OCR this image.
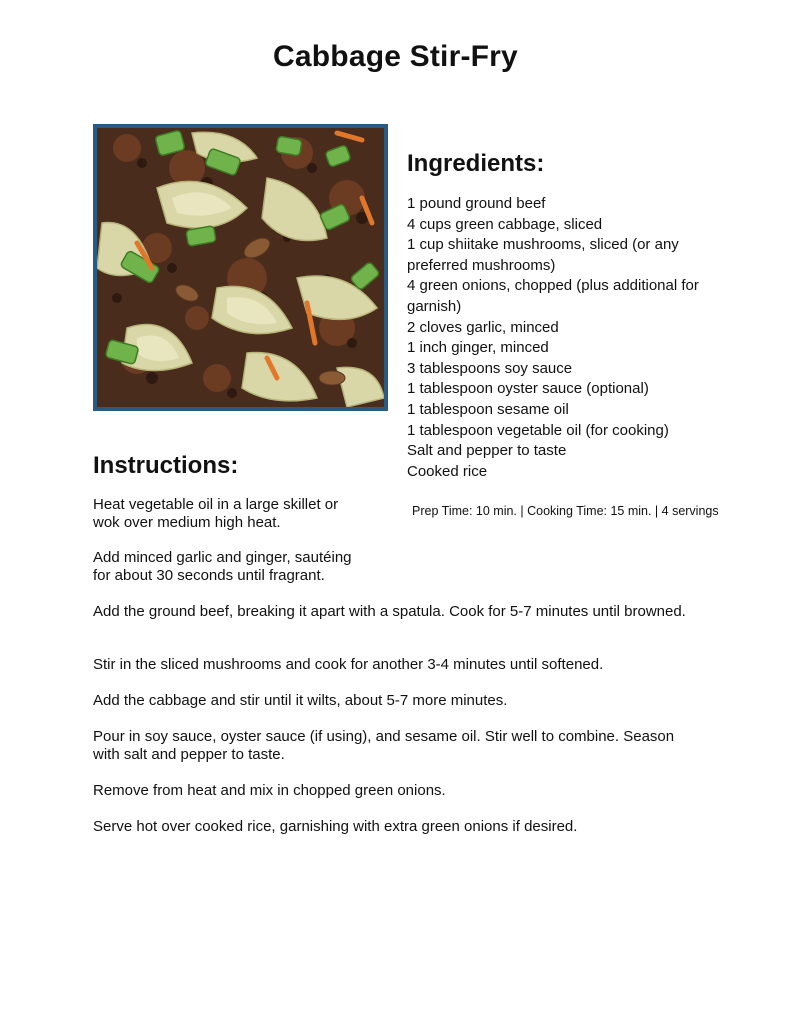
Cabbage Stir-Fry
Ingredients:
1 pound ground beef
4 cups green cabbage, sliced
1 cup shiitake mushrooms, sliced (or any preferred mushrooms)
4 green onions, chopped (plus additional for garnish)
2 cloves garlic, minced
1 inch ginger, minced
3 tablespoons soy sauce
1 tablespoon oyster sauce (optional)
1 tablespoon sesame oil
1 tablespoon vegetable oil (for cooking)
Salt and pepper to taste
Cooked rice
Prep Time: 10 min. | Cooking Time: 15 min. | 4 servings
Instructions:

Heat vegetable oil in a large skillet or wok over medium high heat.

Add minced garlic and ginger, sautéing for about 30 seconds until fragrant.

Add the ground beef, breaking it apart with a spatula. Cook for 5-7 minutes until browned.

Stir in the sliced mushrooms and cook for another 3-4 minutes until softened.

Add the cabbage and stir until it wilts, about 5-7 more minutes.

Pour in soy sauce, oyster sauce (if using), and sesame oil. Stir well to combine. Season with salt and pepper to taste.

Remove from heat and mix in chopped green onions.

Serve hot over cooked rice, garnishing with extra green onions if desired.
